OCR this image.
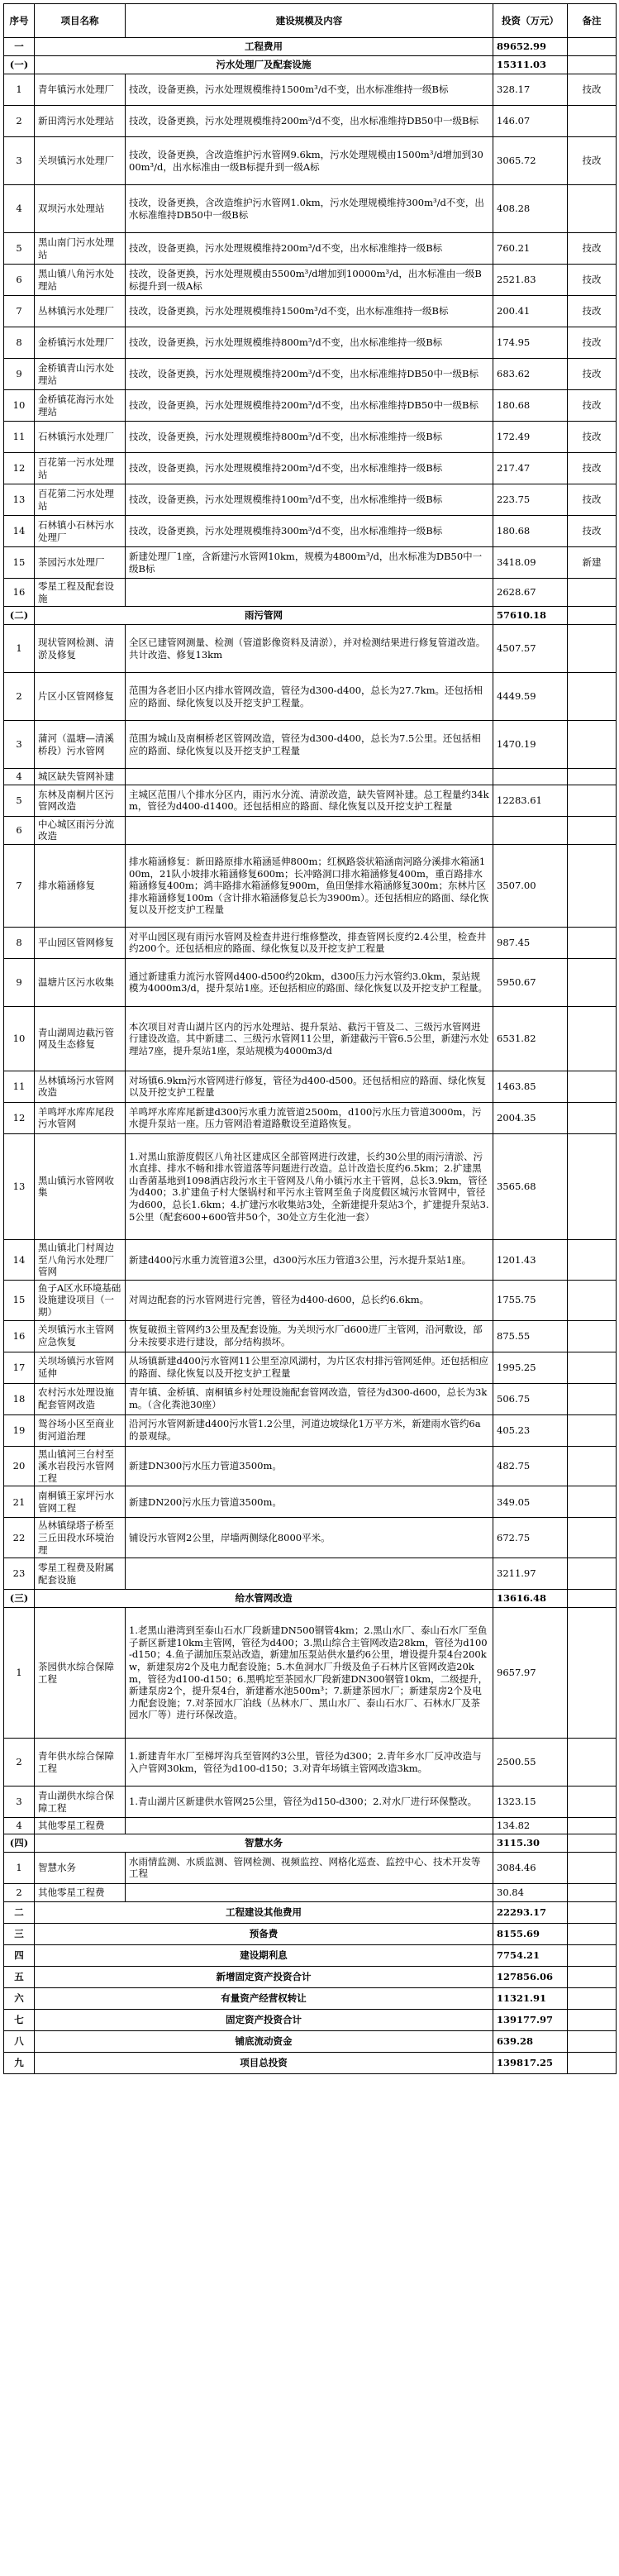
序号	项目名称	建设规模及内容	投资（万元）	备注
一	工程费用		89652.99	
(一)	污水处理厂及配套设施		15311.03	
1	青年镇污水处理厂	技改，设备更换，污水处理规模维持1500m³/d不变，出水标准维持一级B标	328.17	技改
2	新田湾污水处理站	技改，设备更换，污水处理规模维持200m³/d不变，出水标准维持DB50中一级B标	146.07	
3	关坝镇污水处理厂	技改，设备更换，含改造维护污水管网9.6km，污水处理规模由1500m³/d增加到3000m³/d，出水标准由一级B标提升到一级A标	3065.72	技改
4	双坝污水处理站	技改，设备更换，含改造维护污水管网1.0km，污水处理规模维持300m³/d不变，出水标准维持DB50中一级B标	408.28	
5	黑山南门污水处理站	技改，设备更换，污水处理规模维持200m³/d不变，出水标准维持一级B标	760.21	技改
6	黑山镇八角污水处理站	技改，设备更换，污水处理规模由5500m³/d增加到10000m³/d，出水标准由一级B标提升到一级A标	2521.83	技改
7	丛林镇污水处理厂	技改，设备更换，污水处理规模维持1500m³/d不变，出水标准维持一级B标	200.41	技改
8	金桥镇污水处理厂	技改，设备更换，污水处理规模维持800m³/d不变，出水标准维持一级B标	174.95	技改
9	金桥镇青山污水处理站	技改，设备更换，污水处理规模维持200m³/d不变，出水标准维持DB50中一级B标	683.62	技改
10	金桥镇花海污水处理站	技改，设备更换，污水处理规模维持200m³/d不变，出水标准维持DB50中一级B标	180.68	技改
11	石林镇污水处理厂	技改，设备更换，污水处理规模维持800m³/d不变，出水标准维持一级B标	172.49	技改
12	百花第一污水处理站	技改，设备更换，污水处理规模维持200m³/d不变，出水标准维持一级B标	217.47	技改
13	百花第二污水处理站	技改，设备更换，污水处理规模维持100m³/d不变，出水标准维持一级B标	223.75	技改
14	石林镇小石林污水处理厂	技改，设备更换，污水处理规模维持300m³/d不变，出水标准维持一级B标	180.68	技改
15	茶园污水处理厂	新建处理厂1座，含新建污水管网10km，规模为4800m³/d，出水标准为DB50中一级B标	3418.09	新建
16	零星工程及配套设施		2628.67	
(二)	雨污管网		57610.18	
1	现状管网检测、清淤及修复	全区已建管网测量、检测（管道影像资料及清淤），并对检测结果进行修复管道改造。共计改造、修复13km	4507.57	
2	片区小区管网修复	范围为各老旧小区内排水管网改造，管径为d300-d400，总长为27.7km。还包括相应的路面、绿化恢复以及开挖支护工程量。	4449.59	
3	蒲河（温塘—清溪桥段）污水管网	范围为城山及南桐桥老区管网改造，管径为d300-d400，总长为7.5公里。还包括相应的路面、绿化恢复以及开挖支护工程量	1470.19	
4	城区缺失管网补建			
5	东林及南桐片区污管网改造	主城区范围八个排水分区内，雨污水分流、清淤改造，缺失管网补建。总工程量约34km，管径为d400-d1400。还包括相应的路面、绿化恢复以及开挖支护工程量	12283.61	
6	中心城区雨污分流改造			
7	排水箱涵修复	排水箱涵修复：新田路原排水箱涵延伸800m；红枫路袋状箱涵南河路分溪排水箱涵100m，21队小坡排水箱涵修复600m；长冲路洞口排水箱涵修复400m，重百路排水箱涵修复400m；鸿丰路排水箱涵修复900m，鱼田堡排水箱涵修复300m；东林片区排水箱涵修复100m（含计排水箱涵修复总长为3900m）。还包括相应的路面、绿化恢复以及开挖支护工程量	3507.00	
8	平山园区管网修复	对平山园区现有雨污水管网及检查井进行维修整改，排查管网长度约2.4公里，检查井约200个。还包括相应的路面、绿化恢复以及开挖支护工程量	987.45	
9	温塘片区污水收集	通过新建重力流污水管网d400-d500约20km，d300压力污水管约3.0km，泵站规模为4000m3/d，提升泵站1座。还包括相应的路面、绿化恢复以及开挖支护工程量。	5950.67	
10	青山湖周边截污管网及生态修复	本次项目对青山湖片区内的污水处理站、提升泵站、截污干管及二、三级污水管网进行建设改造。其中新建二、三级污水管网11公里，新建截污干管6.5公里，新建污水处理站7座，提升泵站1座，泵站规模为4000m3/d	6531.82	
11	丛林镇场污水管网改造	对场镇6.9km污水管网进行修复，管径为d400-d500。还包括相应的路面、绿化恢复以及开挖支护工程量	1463.85	
12	羊鸣坪水库库尾段污水管网	羊鸣坪水库库尾新建d300污水重力流管道2500m，d100污水压力管道3000m，污水提升泵站一座。压力管网沿着道路敷设至道路恢复。	2004.35	
13	黑山镇污水管网收集	1.对黑山旅游度假区八角社区建成区全部管网进行改建，长约30公里的雨污清淤、污水直排、排水不畅和排水管道落等问题进行改造。总计改造长度约6.5km；2.扩建黑山香菌基地到1098酒店段污水主干管网及八角小镇污水主干管网，总长3.9km，管径为d400；3.扩建鱼子村大堡锅村和平污水主管网至鱼子岗度假区城污水管网中，管径为d600，总长1.6km；4.扩建污水收集站3处，全新建提升泵站3个，扩建提升泵站3.5公里（配套600+600管井50个，30处立方生化池一套）	3565.68	
14	黑山镇北门村周边至八角污水处理厂管网	新建d400污水重力流管道3公里，d300污水压力管道3公里，污水提升泵站1座。	1201.43	
15	鱼子A区水环境基础设施建设项目（一期）	对周边配套的污水管网进行完善，管径为d400-d600，总长约6.6km。	1755.75	
16	关坝镇污水主管网应急恢复	恢复破损主管网约3公里及配套设施。为关坝污水厂d600进厂主管网，沿河敷设，部分未按要求进行建设，部分结构损坏。	875.55	
17	关坝场镇污水管网延伸	从场镇新建d400污水管网11公里至凉风湖村，为片区农村排污管网延伸。还包括相应的路面、绿化恢复以及开挖支护工程量	1995.25	
18	农村污水处理设施配套管网改造	青年镇、金桥镇、南桐镇乡村处理设施配套管网改造，管径为d300-d600，总长为3km。（含化粪池30座）	506.75	
19	鸳谷场小区至商业街河道治理	沿河污水管网新建d400污水管1.2公里，河道边坡绿化1万平方米，新建雨水管约6a的景观绿。	405.23	
20	黑山镇河三台村至溪水岩段污水管网工程	新建DN300污水压力管道3500m。	482.75	
21	南桐镇王家坪污水管网工程	新建DN200污水压力管道3500m。	349.05	
22	丛林镇绿塔子桥至三丘田段水环境治理	铺设污水管网2公里，岸墙两侧绿化8000平米。	672.75	
23	零星工程费及附属配套设施		3211.97	
(三)	给水管网改造		13616.48	
1	茶园供水综合保障工程	1.老黑山港湾到至泰山石水厂段新建DN500钢管4km；2.黑山水厂、泰山石水厂至鱼子新区新建10km主管网，管径为d400；3.黑山综合主管网改造28km，管径为d100-d150；4.鱼子湖加压泵站改造，新建加压泵站供水量约6公里，增设提升泵4台200kw，新建泵房2个及电力配套设施；5.木鱼洞水厂升级及鱼子石林片区管网改造20km，管径为d100-d150；6.黑鸭坨至茶园水厂段新建DN300钢管10km，二级提升，新建泵房2个，提升泵4台，新建蓄水池500m³；7.新建茶园水厂；新建泵房2个及电力配套设施；7.对茶园水厂泊线（丛林水厂、黑山水厂、泰山石水厂、石林水厂及茶园水厂等）进行环保改造。	9657.97	
2	青年供水综合保障工程	1.新建青年水厂至梯坪沟兵至管网约3公里，管径为d300；2.青年乡水厂反冲改造与入户管网30km，管径为d100-d150；3.对青年场镇主管网改造3km。	2500.55	
3	青山湖供水综合保障工程	1.青山湖片区新建供水管网25公里，管径为d150-d300；2.对水厂进行环保整改。	1323.15	
4	其他零星工程费		134.82	
(四)	智慧水务		3115.30	
1	智慧水务	水雨情监测、水质监测、管网检测、视频监控、网格化巡查、监控中心、技术开发等工程	3084.46	
2	其他零星工程费		30.84	
二	工程建设其他费用		22293.17	
三	预备费		8155.69	
四	建设期利息		7754.21	
五	新增固定资产投资合计		127856.06	
六	有量资产经营权转让		11321.91	
七	固定资产投资合计		139177.97	
八	铺底流动资金		639.28	
九	项目总投资		139817.25	
